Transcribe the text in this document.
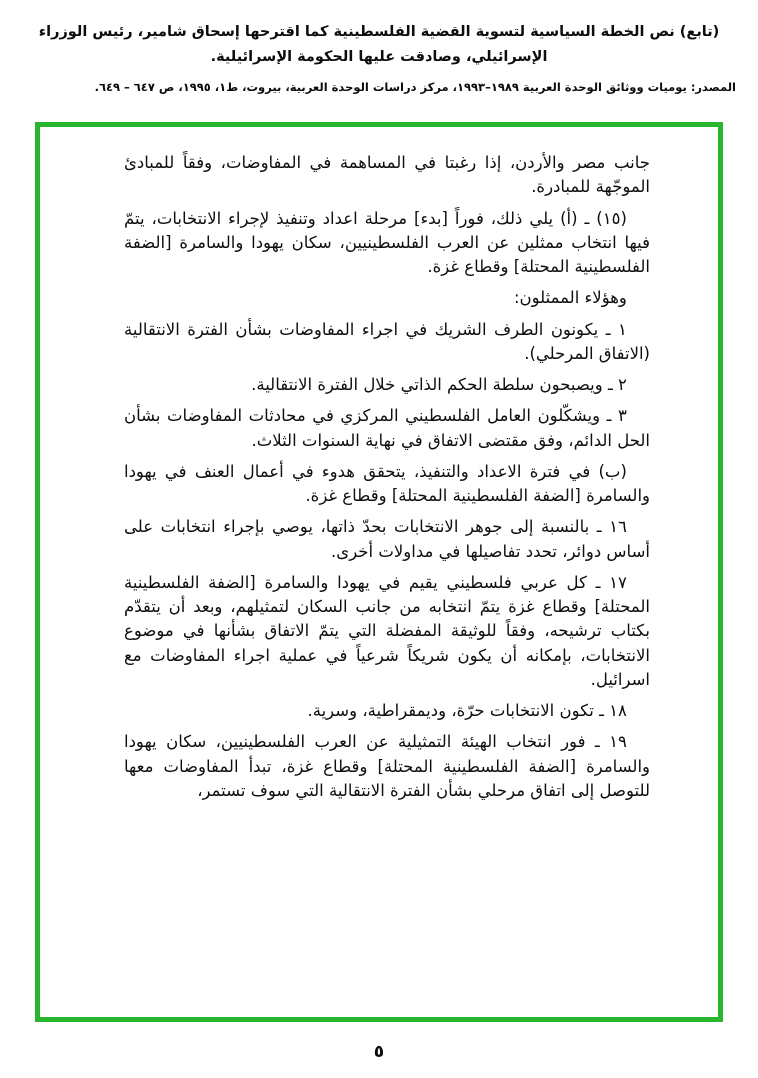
(تابع) نص الخطة السياسية لتسوية القضية الفلسطينية كما اقترحها إسحاق شامير، رئيس الوزراء الإسرائيلي، وصادقت عليها الحكومة الإسرائيلية.
المصدر: يوميات ووثائق الوحدة العربية ١٩٨٩–١٩٩٣، مركز دراسات الوحدة العربية، بيروت، ط١، ١٩٩٥، ص ٦٤٧ – ٦٤٩.

جانب مصر والأردن، إذا رغبتا في المساهمة في المفاوضات، وفقاً للمبادئ الموجّهة للمبادرة.

(١٥) ـ (أ) يلي ذلك، فوراً [بدء] مرحلة اعداد وتنفيذ لإجراء الانتخابات، يتمّ فيها انتخاب ممثلين عن العرب الفلسطينيين، سكان يهودا والسامرة [الضفة الفلسطينية المحتلة] وقطاع غزة.

وهؤلاء الممثلون:

١ ـ يكونون الطرف الشريك في اجراء المفاوضات بشأن الفترة الانتقالية (الاتفاق المرحلي).

٢ ـ ويصبحون سلطة الحكم الذاتي خلال الفترة الانتقالية.

٣ ـ ويشكّلون العامل الفلسطيني المركزي في محادثات المفاوضات بشأن الحل الدائم، وفق مقتضى الاتفاق في نهاية السنوات الثلاث.

(ب) في فترة الاعداد والتنفيذ، يتحقق هدوء في أعمال العنف في يهودا والسامرة [الضفة الفلسطينية المحتلة] وقطاع غزة.

١٦ ـ بالنسبة إلى جوهر الانتخابات بحدّ ذاتها، يوصي بإجراء انتخابات على أساس دوائر، تحدد تفاصيلها في مداولات أخرى.

١٧ ـ كل عربي فلسطيني يقيم في يهودا والسامرة [الضفة الفلسطينية المحتلة] وقطاع غزة يتمّ انتخابه من جانب السكان لتمثيلهم، وبعد أن يتقدّم بكتاب ترشيحه، وفقاً للوثيقة المفضلة التي يتمّ الاتفاق بشأنها في موضوع الانتخابات، بإمكانه أن يكون شريكاً شرعياً في عملية اجراء المفاوضات مع اسرائيل.

١٨ ـ تكون الانتخابات حرّة، وديمقراطية، وسرية.

١٩ ـ فور انتخاب الهيئة التمثيلية عن العرب الفلسطينيين، سكان يهودا والسامرة [الضفة الفلسطينية المحتلة] وقطاع غزة، تبدأ المفاوضات معها للتوصل إلى اتفاق مرحلي بشأن الفترة الانتقالية التي سوف تستمر،

٥
